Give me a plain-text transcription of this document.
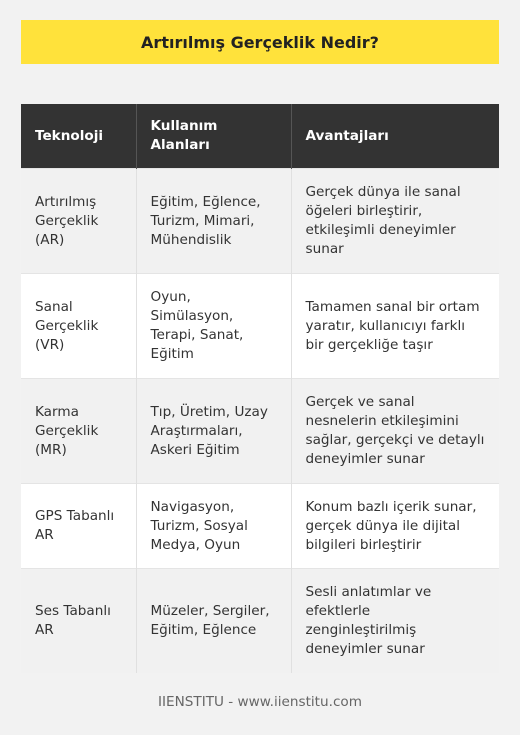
Artırılmış Gerçeklik Nedir?
Teknoloji	Kullanım Alanları	Avantajları
Artırılmış Gerçeklik (AR)	Eğitim, Eğlence, Turizm, Mimari, Mühendislik	Gerçek dünya ile sanal öğeleri birleştirir, etkileşimli deneyimler sunar
Sanal Gerçeklik (VR)	Oyun, Simülasyon, Terapi, Sanat, Eğitim	Tamamen sanal bir ortam yaratır, kullanıcıyı farklı bir gerçekliğe taşır
Karma Gerçeklik (MR)	Tıp, Üretim, Uzay Araştırmaları, Askeri Eğitim	Gerçek ve sanal nesnelerin etkileşimini sağlar, gerçekçi ve detaylı deneyimler sunar
GPS Tabanlı AR	Navigasyon, Turizm, Sosyal Medya, Oyun	Konum bazlı içerik sunar, gerçek dünya ile dijital bilgileri birleştirir
Ses Tabanlı AR	Müzeler, Sergiler, Eğitim, Eğlence	Sesli anlatımlar ve efektlerle zenginleştirilmiş deneyimler sunar
IIENSTITU - www.iienstitu.com
